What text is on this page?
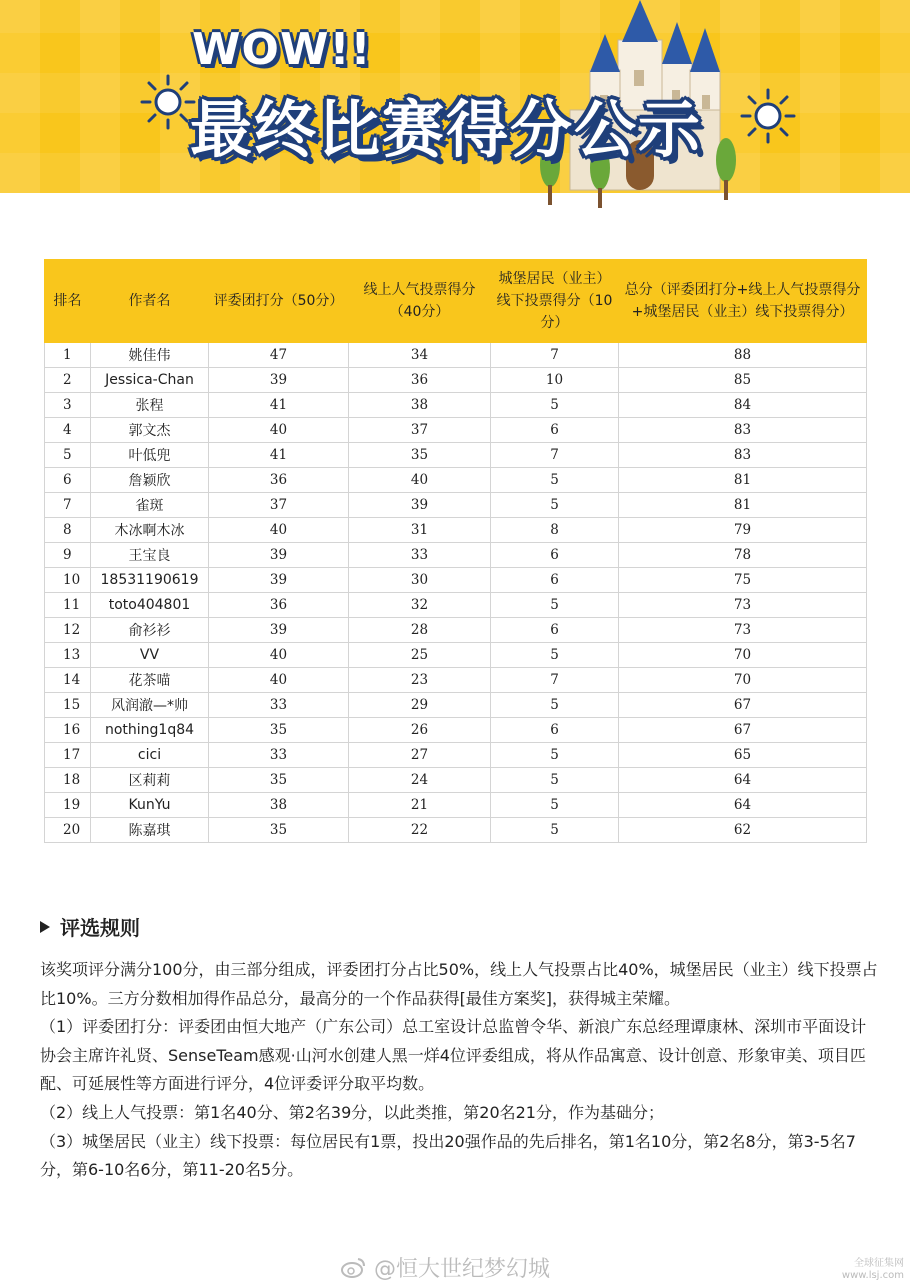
WOW!!
最终比赛得分公示
排名	作者名	评委团打分（50分）	线上人气投票得分（40分）	城堡居民（业主）线下投票得分（10分）	总分（评委团打分+线上人气投票得分+城堡居民（业主）线下投票得分）
1	姚佳伟	47	34	7	88
2	Jessica-Chan	39	36	10	85
3	张程	41	38	5	84
4	郭文杰	40	37	6	83
5	叶低兜	41	35	7	83
6	詹颖欣	36	40	5	81
7	雀斑	37	39	5	81
8	木冰啊木冰	40	31	8	79
9	王宝良	39	33	6	78
10	18531190619	39	30	6	75
11	toto404801	36	32	5	73
12	俞衫衫	39	28	6	73
13	VV	40	25	5	70
14	花茶喵	40	23	7	70
15	风润澈—*帅	33	29	5	67
16	nothing1q84	35	26	6	67
17	cici	33	27	5	65
18	区莉莉	35	24	5	64
19	KunYu	38	21	5	64
20	陈嘉琪	35	22	5	62
评选规则

该奖项评分满分100分，由三部分组成，评委团打分占比50%，线上人气投票占比40%，城堡居民（业主）线下投票占比10%。三方分数相加得作品总分，最高分的一个作品获得[最佳方案奖]，获得城主荣耀。

（1）评委团打分：评委团由恒大地产（广东公司）总工室设计总监曾令华、新浪广东总经理谭康林、深圳市平面设计协会主席许礼贤、SenseTeam感观·山河水创建人黑一烊4位评委组成，将从作品寓意、设计创意、形象审美、项目匹配、可延展性等方面进行评分，4位评委评分取平均数。

（2）线上人气投票：第1名40分、第2名39分，以此类推，第20名21分，作为基础分；

（3）城堡居民（业主）线下投票：每位居民有1票，投出20强作品的先后排名，第1名10分，第2名8分，第3-5名7分，第6-10名6分，第11-20名5分。

@恒大世纪梦幻城	全球征集网
www.lsj.com
